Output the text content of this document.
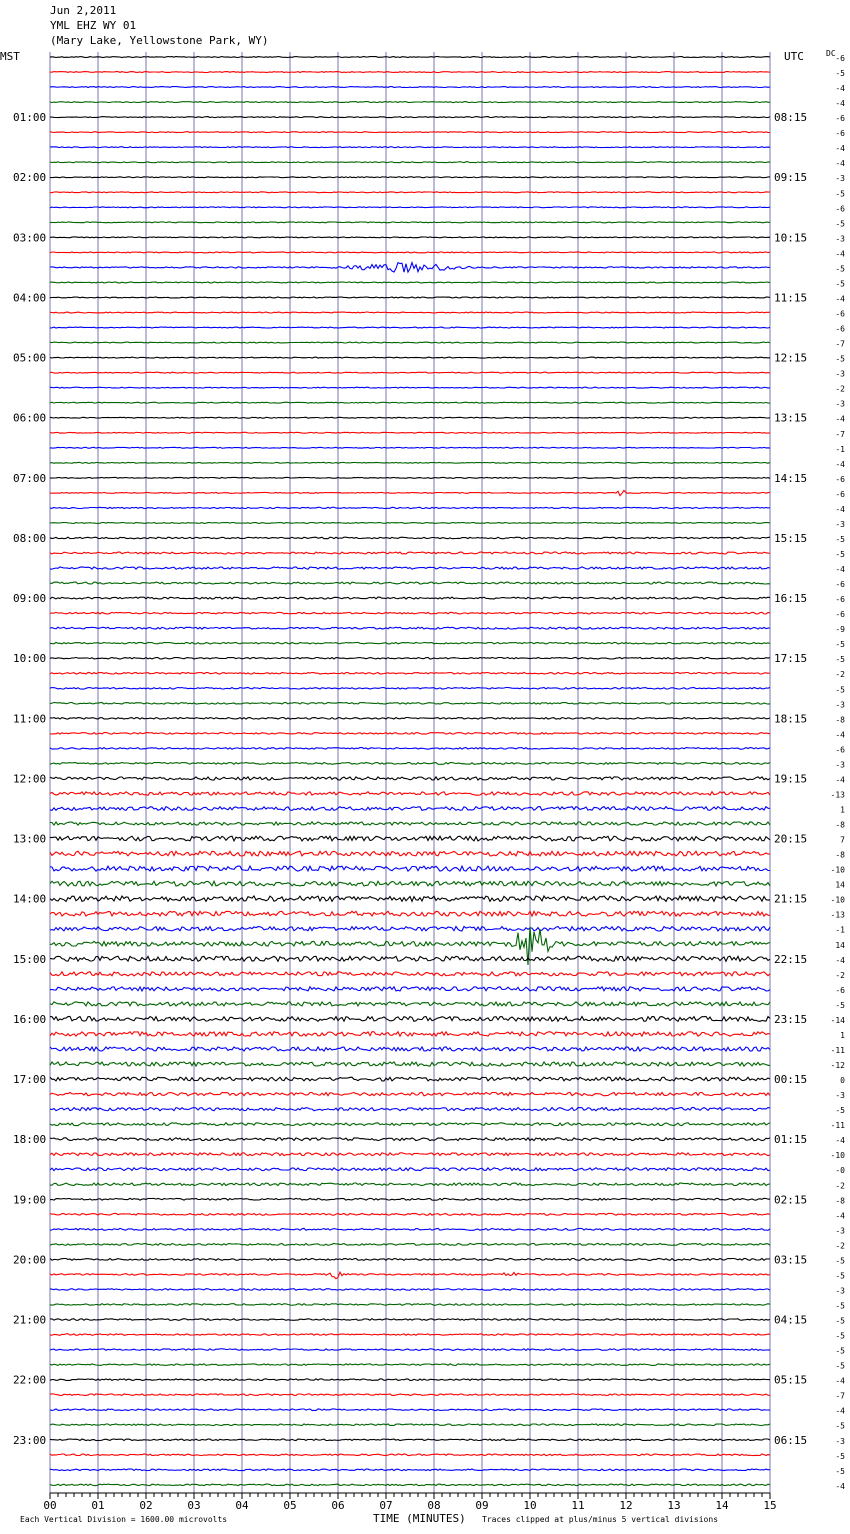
Jun 2,2011
YML EHZ WY 01
(Mary Lake, Yellowstone Park, WY)
MST	UTC	DC
00	01	02	03	04	05	06	07	08	09	10	11	12	13	14	15
01:00
02:00
03:00
04:00
05:00
06:00
07:00
08:00
09:00
10:00
11:00
12:00
13:00
14:00
15:00
16:00
17:00
18:00
19:00
20:00
21:00
22:00
23:00
08:15
09:15
10:15
11:15
12:15
13:15
14:15
15:15
16:15
17:15
18:15
19:15
20:15
21:15
22:15
23:15
00:15
01:15
02:15
03:15
04:15
05:15
06:15
-6
-5
-4
-4
-6
-6
-4
-4
-3
-5
-6
-5
-3
-4
-5
-5
-4
-6
-6
-7
-5
-3
-2
-3
-4
-7
-1
-4
-6
-6
-4
-3
-5
-5
-4
-6
-6
-6
-9
-5
-5
-2
-5
-3
-8
-4
-6
-3
-4
-13
1
-8
7
-8
-10
14
-10
-13
-1
14
-4
-2
-6
-5
-14
1
-11
-12
0
-3
-5
-11
-4
-10
-0
-2
-8
-4
-3
-2
-5
-5
-3
-5
-5
-5
-5
-5
-4
-7
-4
-5
-3
-5
-5
-4
Each Vertical Division = 1600.00 microvolts	TIME (MINUTES) Traces clipped at plus/minus 5 vertical divisions
